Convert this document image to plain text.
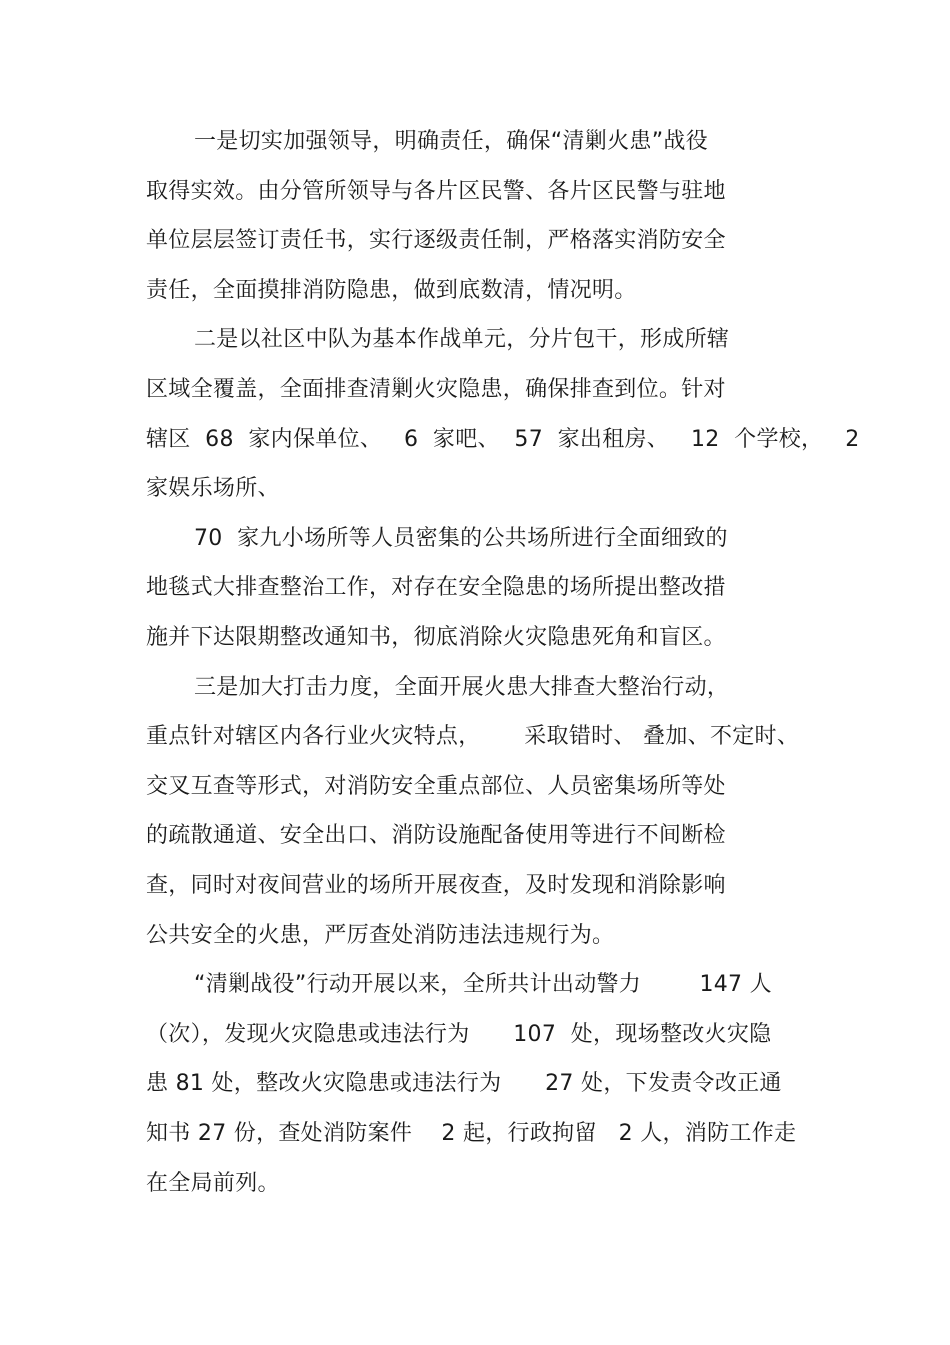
一是切实加强领导，明确责任，确保“清剿火患”战役
取得实效。由分管所领导与各片区民警、各片区民警与驻地
单位层层签订责任书，实行逐级责任制，严格落实消防安全
责任，全面摸排消防隐患，做到底数清，情况明。
二是以社区中队为基本作战单元，分片包干，形成所辖
区域全覆盖，全面排查清剿火灾隐患，确保排查到位。针对
辖区  68  家内保单位、   6  家吧、  57  家出租房、   12  个学校，   2
家娱乐场所、
70  家九小场所等人员密集的公共场所进行全面细致的
地毯式大排查整治工作，对存在安全隐患的场所提出整改措
施并下达限期整改通知书，彻底消除火灾隐患死角和盲区。
三是加大打击力度，全面开展火患大排查大整治行动，
重点针对辖区内各行业火灾特点，      采取错时、 叠加、不定时、
交叉互查等形式，对消防安全重点部位、人员密集场所等处
的疏散通道、安全出口、消防设施配备使用等进行不间断检
查，同时对夜间营业的场所开展夜查，及时发现和消除影响
公共安全的火患，严厉查处消防违法违规行为。
“清剿战役”行动开展以来，全所共计出动警力        147 人
（次），发现火灾隐患或违法行为      107  处，现场整改火灾隐
患 81 处，整改火灾隐患或违法行为      27 处，下发责令改正通
知书 27 份，查处消防案件    2 起，行政拘留   2 人，消防工作走
在全局前列。
